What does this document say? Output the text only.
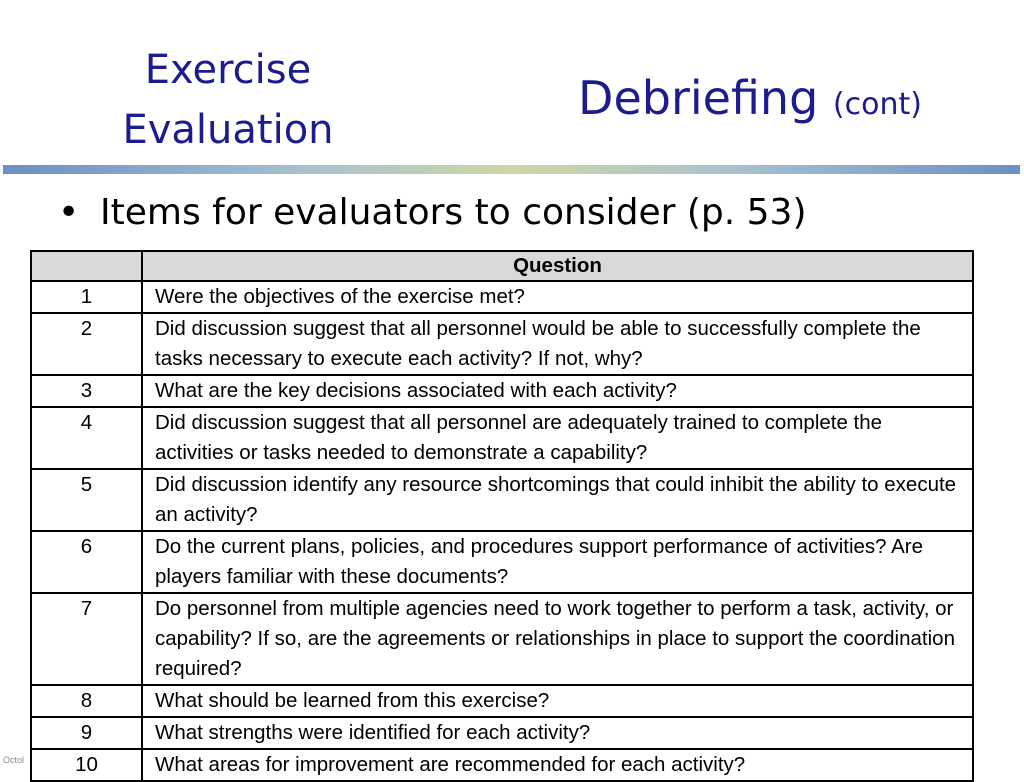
Exercise
Evaluation
Debriefing (cont)
• Items for evaluators to consider (p. 53)
	Question
1	Were the objectives of the exercise met?
2	Did discussion suggest that all personnel would be able to successfully complete the tasks necessary to execute each activity? If not, why?
3	What are the key decisions associated with each activity?
4	Did discussion suggest that all personnel are adequately trained to complete the activities or tasks needed to demonstrate a capability?
5	Did discussion identify any resource shortcomings that could inhibit the ability to execute an activity?
6	Do the current plans, policies, and procedures support performance of activities? Are players familiar with these documents?
7	Do personnel from multiple agencies need to work together to perform a task, activity, or capability? If so, are the agreements or relationships in place to support the coordination required?
8	What should be learned from this exercise?
9	What strengths were identified for each activity?
10	What areas for improvement are recommended for each activity?
Octol
